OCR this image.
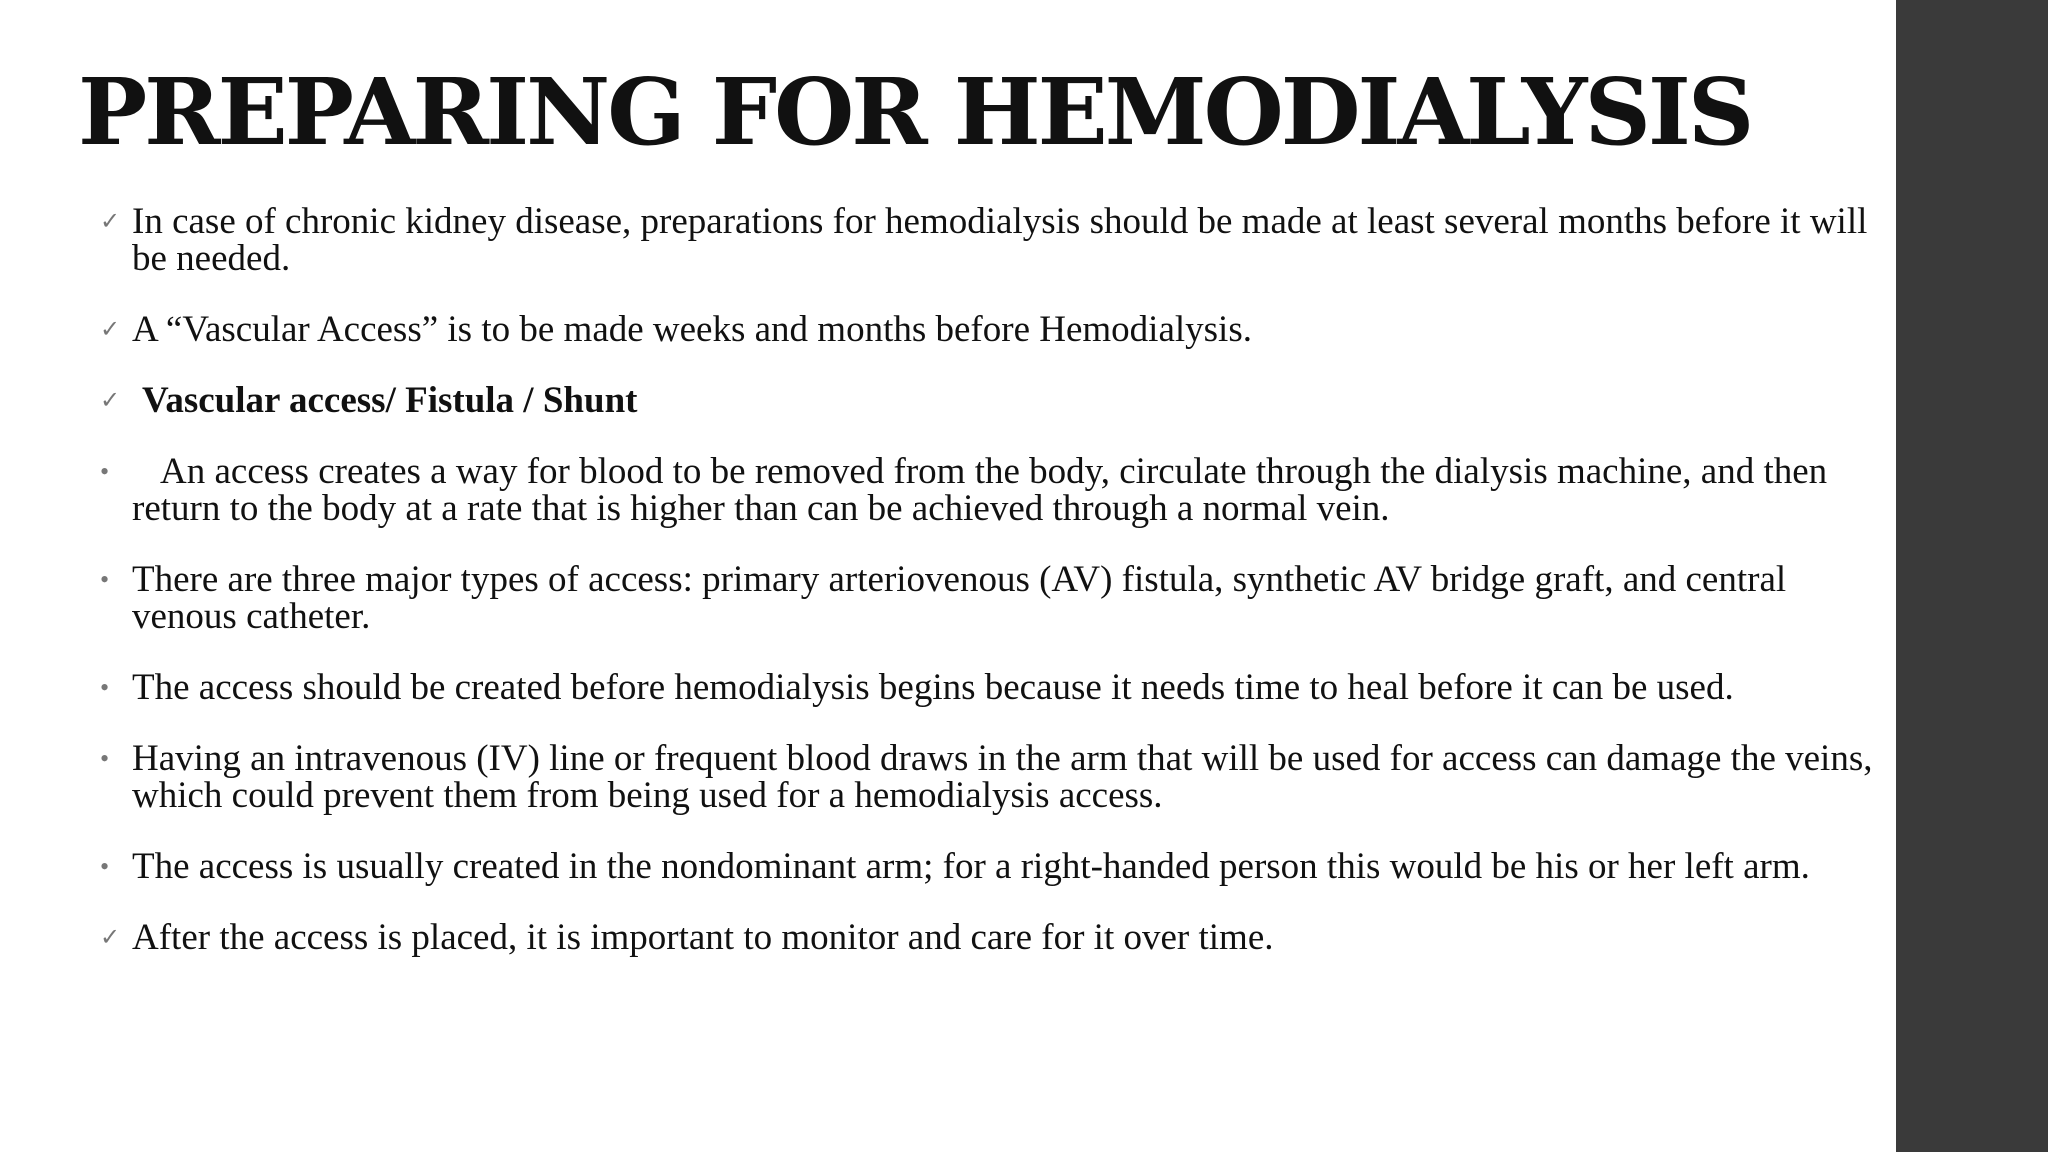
PREPARING FOR HEMODIALYSIS
✓ In case of chronic kidney disease, preparations for hemodialysis should be made at least several months before it will be needed.
✓ A “Vascular Access” is to be made weeks and months before Hemodialysis.
✓ Vascular access/ Fistula / Shunt
•	An access creates a way for blood to be removed from the body, circulate through the dialysis machine, and then return to the body at a rate that is higher than can be achieved through a normal vein.
• There are three major types of access: primary arteriovenous (AV) fistula, synthetic AV bridge graft, and central venous catheter.
• The access should be created before hemodialysis begins because it needs time to heal before it can be used.
• Having an intravenous (IV) line or frequent blood draws in the arm that will be used for access can damage the veins, which could prevent them from being used for a hemodialysis access.
• The access is usually created in the nondominant arm; for a right-handed person this would be his or her left arm.
✓ After the access is placed, it is important to monitor and care for it over time.
